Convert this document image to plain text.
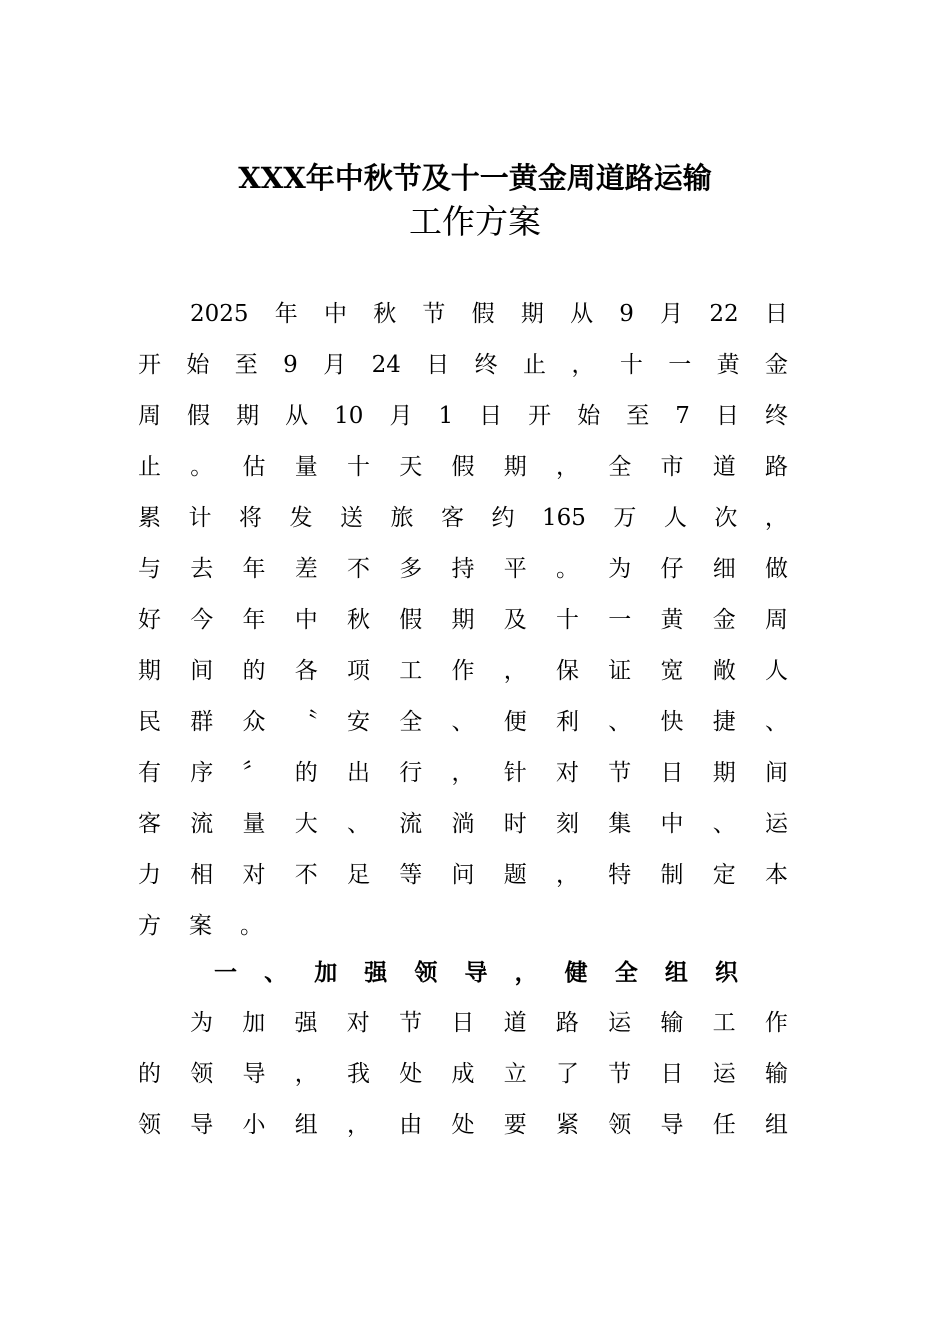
XXX年中秋节及十一黄金周道路运输
工作方案
2025 年 中 秋 节 假 期 从 9 月 22 日
开 始 至 9 月 24 日 终 止 ， 十 一 黄 金
周 假 期 从 10 月 1 日 开 始 至 7 日 终
止 。 估 量 十 天 假 期 ， 全 市 道 路
累 计 将 发 送 旅 客 约 165 万 人 次 ，
与 去 年 差 不 多 持 平 。 为 仔 细 做
好 今 年 中 秋 假 期 及 十 一 黄 金 周
期 间 的 各 项 工 作 ， 保 证 宽 敞 人
民 群 众 〝 安 全 、 便 利 、 快 捷 、
有 序 〞 的 出 行 ， 针 对 节 日 期 间
客 流 量 大 、 流 淌 时 刻 集 中 、 运
力 相 对 不 足 等 问 题 ， 特 制 定 本
方 案 。
一 、 加 强 领 导 ， 健 全 组 织
为 加 强 对 节 日 道 路 运 输 工 作
的 领 导 ， 我 处 成 立 了 节 日 运 输
领 导 小 组 ， 由 处 要 紧 领 导 任 组
